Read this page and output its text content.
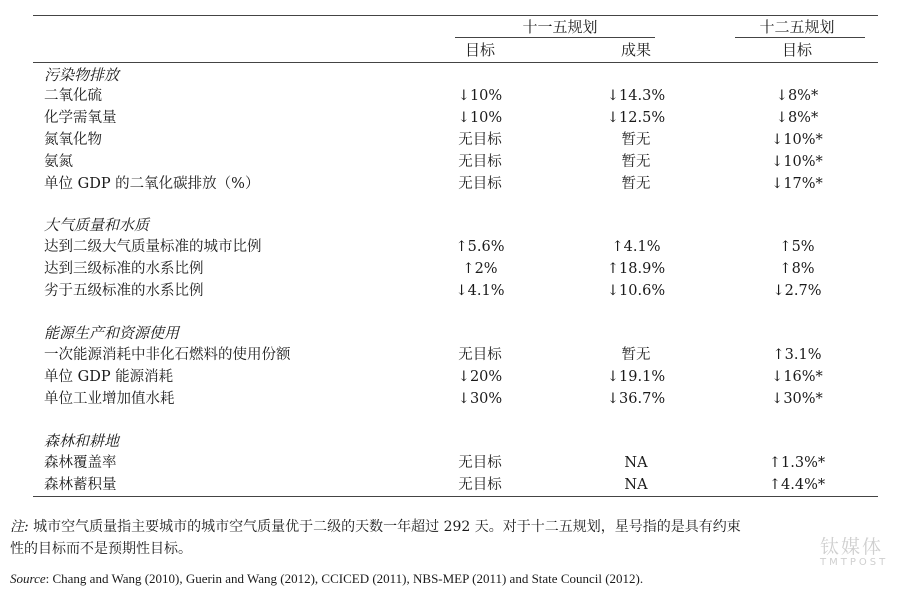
十一五规划	十二五规划
目标	成果	目标
污染物排放
二氧化硫	↓10%	↓14.3%	↓8%*
化学需氧量	↓10%	↓12.5%	↓8%*
氮氧化物	无目标	暂无	↓10%*
氨氮	无目标	暂无	↓10%*
单位 GDP 的二氧化碳排放（%）	无目标	暂无	↓17%*
大气质量和水质
达到二级大气质量标准的城市比例	↑5.6%	↑4.1%	↑5%
达到三级标准的水系比例	↑2%	↑18.9%	↑8%
劣于五级标准的水系比例	↓4.1%	↓10.6%	↓2.7%
能源生产和资源使用
一次能源消耗中非化石燃料的使用份额	无目标	暂无	↑3.1%
单位 GDP 能源消耗	↓20%	↓19.1%	↓16%*
单位工业增加值水耗	↓30%	↓36.7%	↓30%*
森林和耕地
森林覆盖率	无目标	NA	↑1.3%*
森林蓄积量	无目标	NA	↑4.4%*
注: 城市空气质量指主要城市的城市空气质量优于二级的天数一年超过 292 天。对于十二五规划，星号指的是具有约束
性的目标而不是预期性目标。
Source: Chang and Wang (2010), Guerin and Wang (2012), CCICED (2011), NBS-MEP (2011) and State Council (2012).
钛媒体
TMTPOST
